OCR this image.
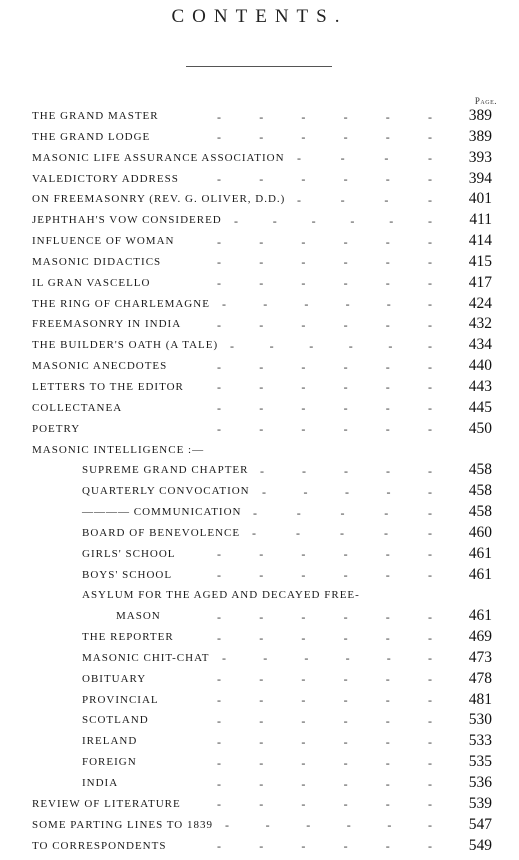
CONTENTS.
Page.
THE GRAND MASTER	-	-	-	-	-	-	389
THE GRAND LODGE	-	-	-	-	-	-	389
MASONIC LIFE ASSURANCE ASSOCIATION -	-	-	-	393
VALEDICTORY ADDRESS	-	-	-	-	-	-	394
ON FREEMASONRY (REV. G. OLIVER, D.D.) -	-	-	-	401
JEPHTHAH'S VOW CONSIDERED -	-	-	-	-	-	411
INFLUENCE OF WOMAN	-	-	-	-	-	-	414
MASONIC DIDACTICS	-	-	-	-	-	-	415
IL GRAN VASCELLO	-	-	-	-	-	-	417
THE RING OF CHARLEMAGNE -	-	-	-	-	-	424
FREEMASONRY IN INDIA	-	-	-	-	-	-	432
THE BUILDER'S OATH (A TALE) -	-	-	-	-	-	434
MASONIC ANECDOTES	-	-	-	-	-	-	440
LETTERS TO THE EDITOR	-	-	-	-	-	-	443
COLLECTANEA	-	-	-	-	-	-	445
POETRY	-	-	-	-	-	-	450
MASONIC INTELLIGENCE :—
SUPREME GRAND CHAPTER -	-	-	-	-	458
QUARTERLY CONVOCATION -	-	-	-	-	458
———— COMMUNICATION -	-	-	-	-	458
BOARD OF BENEVOLENCE -	-	-	-	-	460
GIRLS' SCHOOL	-	-	-	-	-	-	461
BOYS' SCHOOL	-	-	-	-	-	-	461
ASYLUM FOR THE AGED AND DECAYED FREE-
MASON	-	-	-	-	-	-	461
THE REPORTER	-	-	-	-	-	-	469
MASONIC CHIT-CHAT -	-	-	-	-	-	473
OBITUARY	-	-	-	-	-	-	478
PROVINCIAL	-	-	-	-	-	-	481
SCOTLAND	-	-	-	-	-	-	530
IRELAND	-	-	-	-	-	-	533
FOREIGN	-	-	-	-	-	-	535
INDIA	-	-	-	-	-	-	536
REVIEW OF LITERATURE	-	-	-	-	-	-	539
SOME PARTING LINES TO 1839 -	-	-	-	-	-	547
TO CORRESPONDENTS	-	-	-	-	-	-	549
